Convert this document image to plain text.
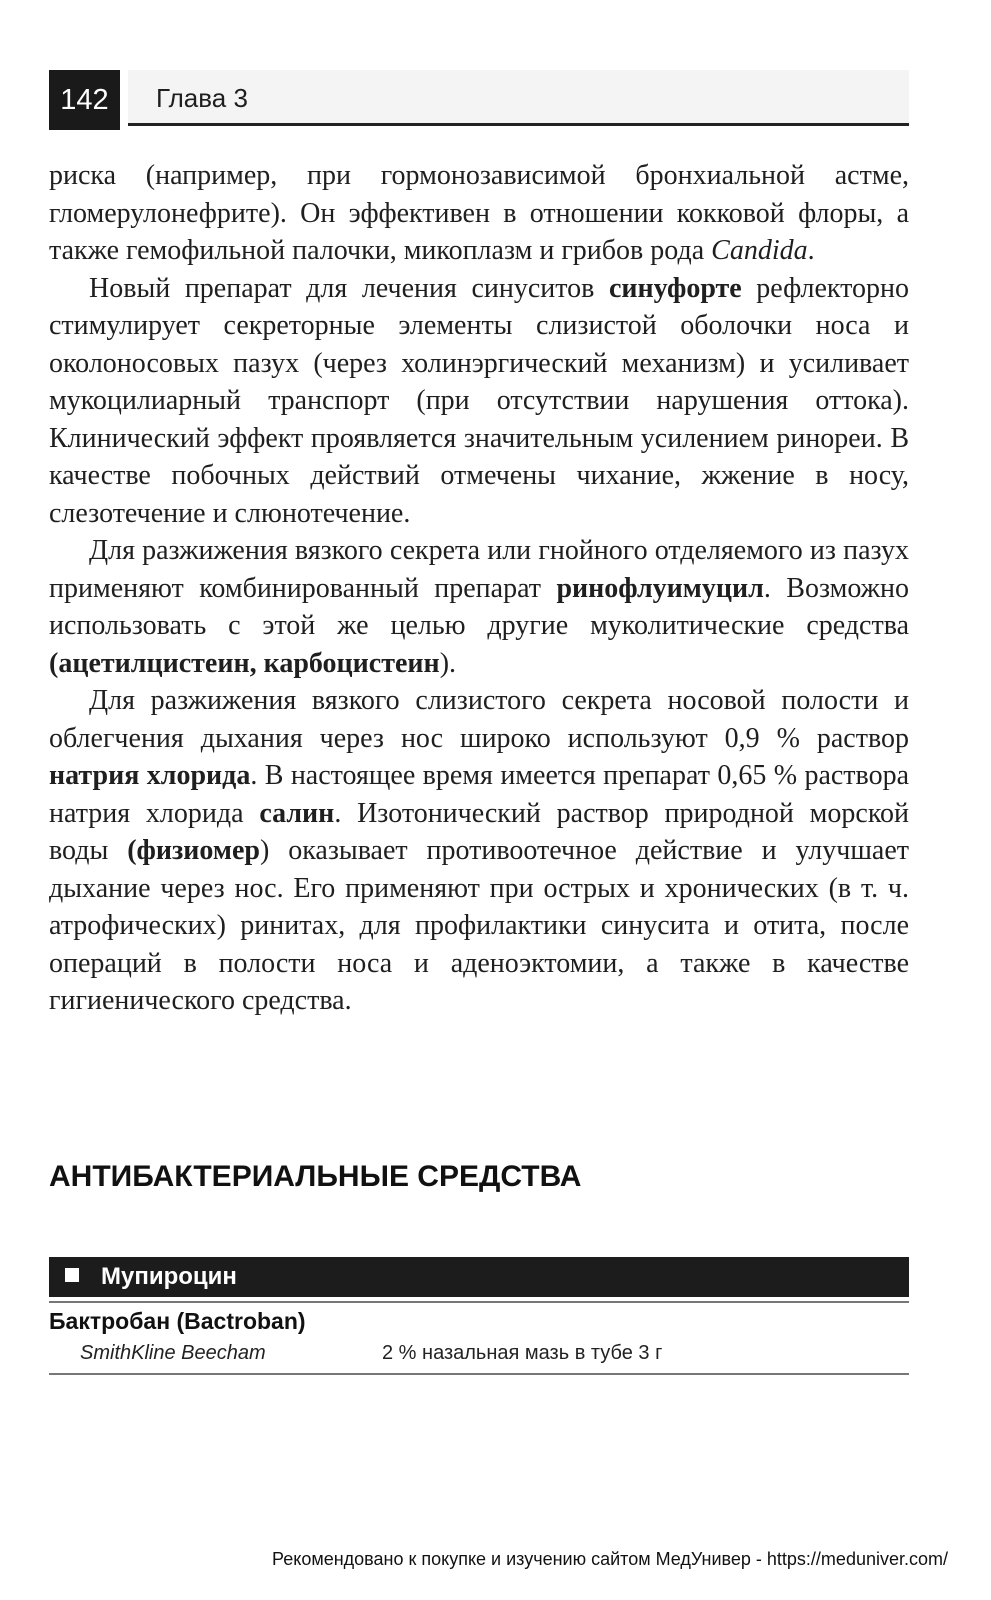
142	Глава 3

риска (например, при гормонозависимой бронхиальной астме, гломерулонефрите). Он эффективен в отношении кокковой флоры, а также гемофильной палочки, микоплазм и грибов рода Candida.

Новый препарат для лечения синуситов синуфорте рефлекторно стимулирует секреторные элементы слизистой оболочки носа и околоносовых пазух (через холинэргический механизм) и усиливает мукоцилиарный транспорт (при отсутствии нарушения оттока). Клинический эффект проявляется значительным усилением ринореи. В качестве побочных действий отмечены чихание, жжение в носу, слезотечение и слюнотечение.

Для разжижения вязкого секрета или гнойного отделяемого из пазух применяют комбинированный препарат ринофлуимуцил. Возможно использовать с этой же целью другие муколитические средства (ацетилцистеин, карбоцистеин).

Для разжижения вязкого слизистого секрета носовой полости и облегчения дыхания через нос широко используют 0,9 % раствор натрия хлорида. В настоящее время имеется препарат 0,65 % раствора натрия хлорида салин. Изотонический раствор природной морской воды (физиомер) оказывает противоотечное действие и улучшает дыхание через нос. Его применяют при острых и хронических (в т. ч. атрофических) ринитах, для профилактики синусита и отита, после операций в полости носа и аденоэктомии, а также в качестве гигиенического средства.

АНТИБАКТЕРИАЛЬНЫЕ СРЕДСТВА
Мупироцин
Бактробан (Bactroban)
SmithKline Beecham	2 % назальная мазь в тубе 3 г
Рекомендовано к покупке и изучению сайтом МедУнивер - https://meduniver.com/
